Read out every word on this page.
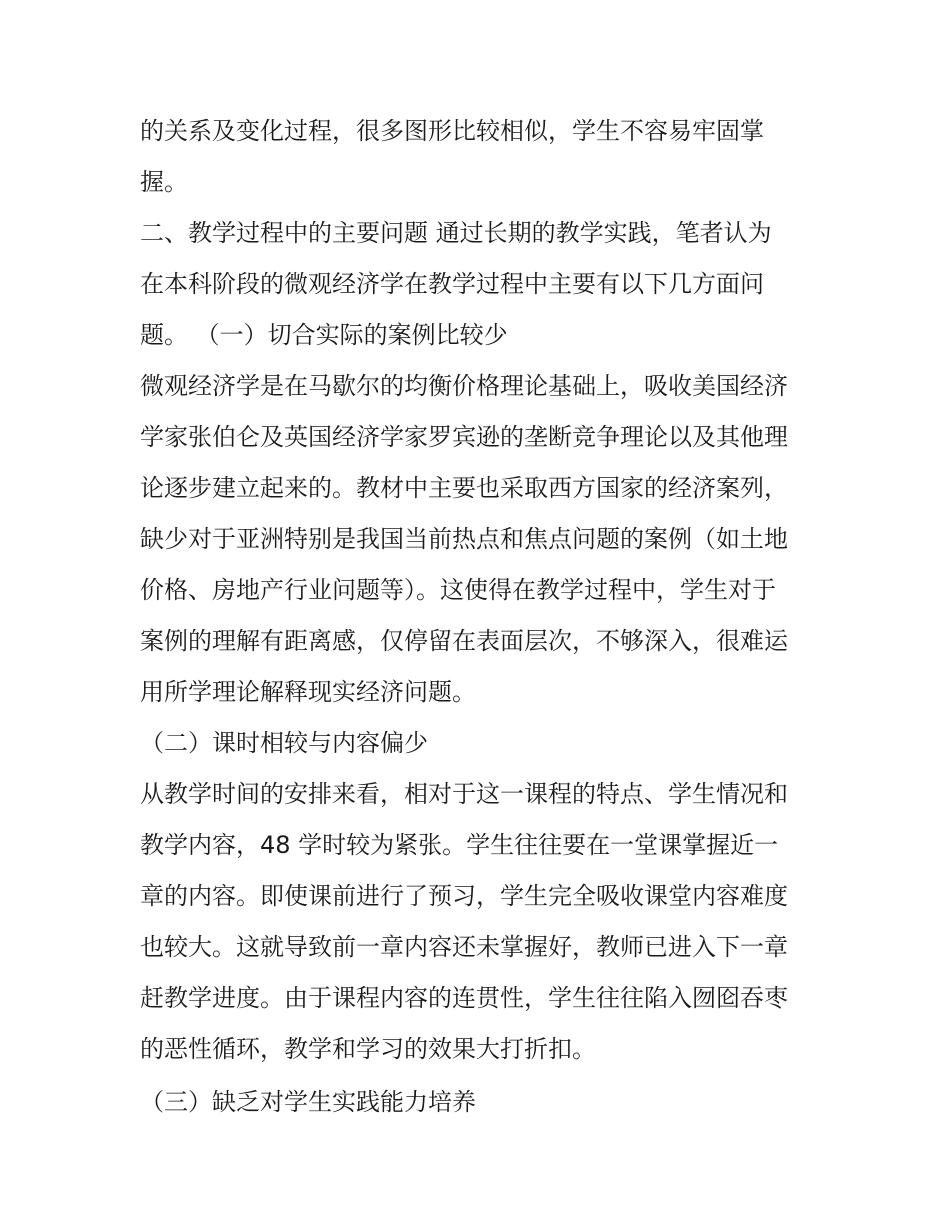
的关系及变化过程，很多图形比较相似，学生不容易牢固掌
握。
二、教学过程中的主要问题 通过长期的教学实践，笔者认为
在本科阶段的微观经济学在教学过程中主要有以下几方面问
题。 （一）切合实际的案例比较少
微观经济学是在马歇尔的均衡价格理论基础上，吸收美国经济
学家张伯仑及英国经济学家罗宾逊的垄断竞争理论以及其他理
论逐步建立起来的。教材中主要也采取西方国家的经济案列，
缺少对于亚洲特别是我国当前热点和焦点问题的案例（如土地
价格、房地产行业问题等）。这使得在教学过程中，学生对于
案例的理解有距离感，仅停留在表面层次，不够深入，很难运
用所学理论解释现实经济问题。
（二）课时相较与内容偏少
从教学时间的安排来看，相对于这一课程的特点、学生情况和
教学内容，48 学时较为紧张。学生往往要在一堂课掌握近一
章的内容。即使课前进行了预习，学生完全吸收课堂内容难度
也较大。这就导致前一章内容还未掌握好，教师已进入下一章
赶教学进度。由于课程内容的连贯性，学生往往陷入囫囵吞枣
的恶性循环，教学和学习的效果大打折扣。
（三）缺乏对学生实践能力培养
